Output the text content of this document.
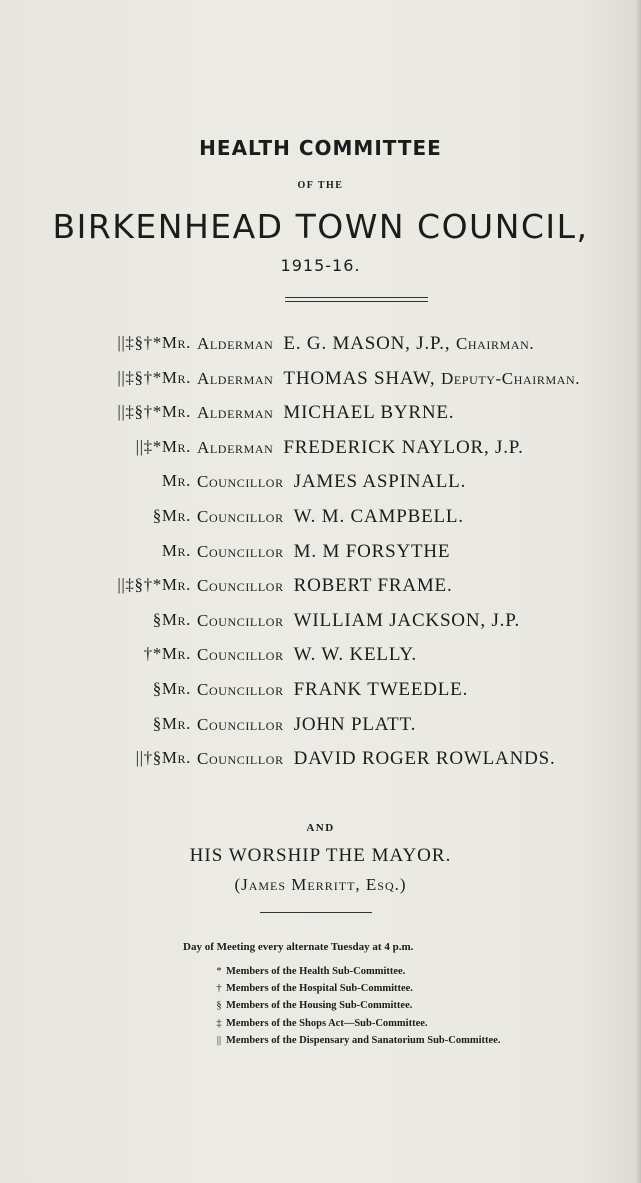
HEALTH COMMITTEE
OF THE
BIRKENHEAD TOWN COUNCIL,
1915-16.
||‡§†*Mr. Alderman E. G. MASON, J.P., Chairman.
||‡§†*Mr. Alderman THOMAS SHAW, Deputy-Chairman.
||‡§†*Mr. Alderman MICHAEL BYRNE.
||‡*Mr. Alderman FREDERICK NAYLOR, J.P.
Mr. Councillor JAMES ASPINALL.
§Mr. Councillor W. M. CAMPBELL.
Mr. Councillor M. M FORSYTHE
||‡§†*Mr. Councillor ROBERT FRAME.
§Mr. Councillor WILLIAM JACKSON, J.P.
†*Mr. Councillor W. W. KELLY.
§Mr. Councillor FRANK TWEEDLE.
§Mr. Councillor JOHN PLATT.
||†§Mr. Councillor DAVID ROGER ROWLANDS.
AND
HIS WORSHIP THE MAYOR.
(James Merritt, Esq.)
Day of Meeting every alternate Tuesday at 4 p.m.
* Members of the Health Sub-Committee.
† Members of the Hospital Sub-Committee.
§ Members of the Housing Sub-Committee.
‡ Members of the Shops Act—Sub-Committee.
|| Members of the Dispensary and Sanatorium Sub-Committee.
